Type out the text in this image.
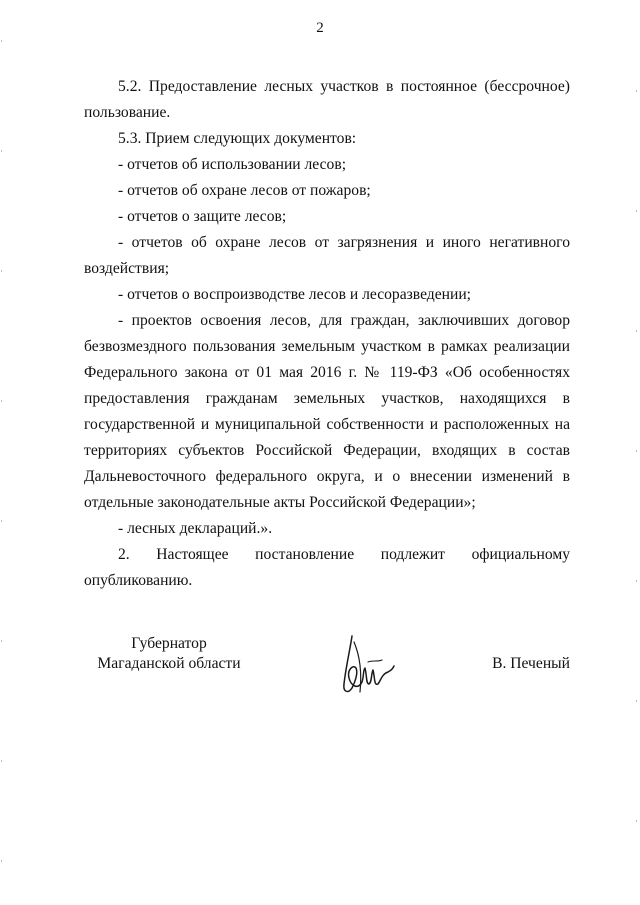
2

5.2. Предоставление лесных участков в постоянное (бессрочное) пользование.

5.3. Прием следующих документов:

- отчетов об использовании лесов;

- отчетов об охране лесов от пожаров;

- отчетов о защите лесов;

- отчетов об охране лесов от загрязнения и иного негативного воздействия;

- отчетов о воспроизводстве лесов и лесоразведении;

- проектов освоения лесов, для граждан, заключивших договор безвозмездного пользования земельным участком в рамках реализации Федерального закона от 01 мая 2016 г. № 119-ФЗ «Об особенностях предоставления гражданам земельных участков, находящихся в государственной и муниципальной собственности и расположенных на территориях субъектов Российской Федерации, входящих в состав Дальневосточного федерального округа, и о внесении изменений в отдельные законодательные акты Российской Федерации»;

- лесных деклараций.».

2. Настоящее постановление подлежит официальному опубликованию.

Губернатор
Магаданской области	В. Печеный
